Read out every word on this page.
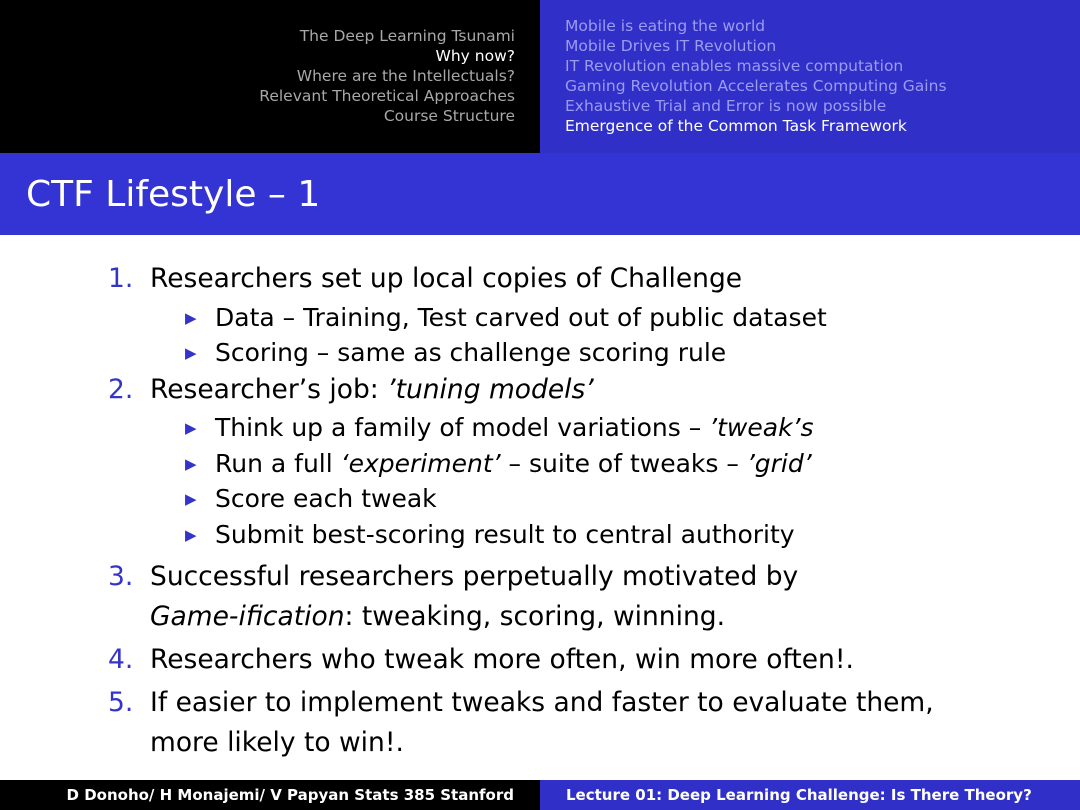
The Deep Learning Tsunami
Why now?
Where are the Intellectuals?
Relevant Theoretical Approaches
Course Structure
Mobile is eating the world
Mobile Drives IT Revolution
IT Revolution enables massive computation
Gaming Revolution Accelerates Computing Gains
Exhaustive Trial and Error is now possible
Emergence of the Common Task Framework
CTF Lifestyle – 1
1. Researchers set up local copies of Challenge
▶ Data – Training, Test carved out of public dataset
▶ Scoring – same as challenge scoring rule
2. Researcher’s job: ’tuning models’
▶ Think up a family of model variations – ’tweak’s
▶ Run a full ‘experiment’ – suite of tweaks – ’grid’
▶ Score each tweak
▶ Submit best-scoring result to central authority
3. Successful researchers perpetually motivated by
Game-ification: tweaking, scoring, winning.
4. Researchers who tweak more often, win more often!.
5. If easier to implement tweaks and faster to evaluate them,
more likely to win!.
D Donoho/ H Monajemi/ V Papyan Stats 385 Stanford	Lecture 01: Deep Learning Challenge: Is There Theory?
